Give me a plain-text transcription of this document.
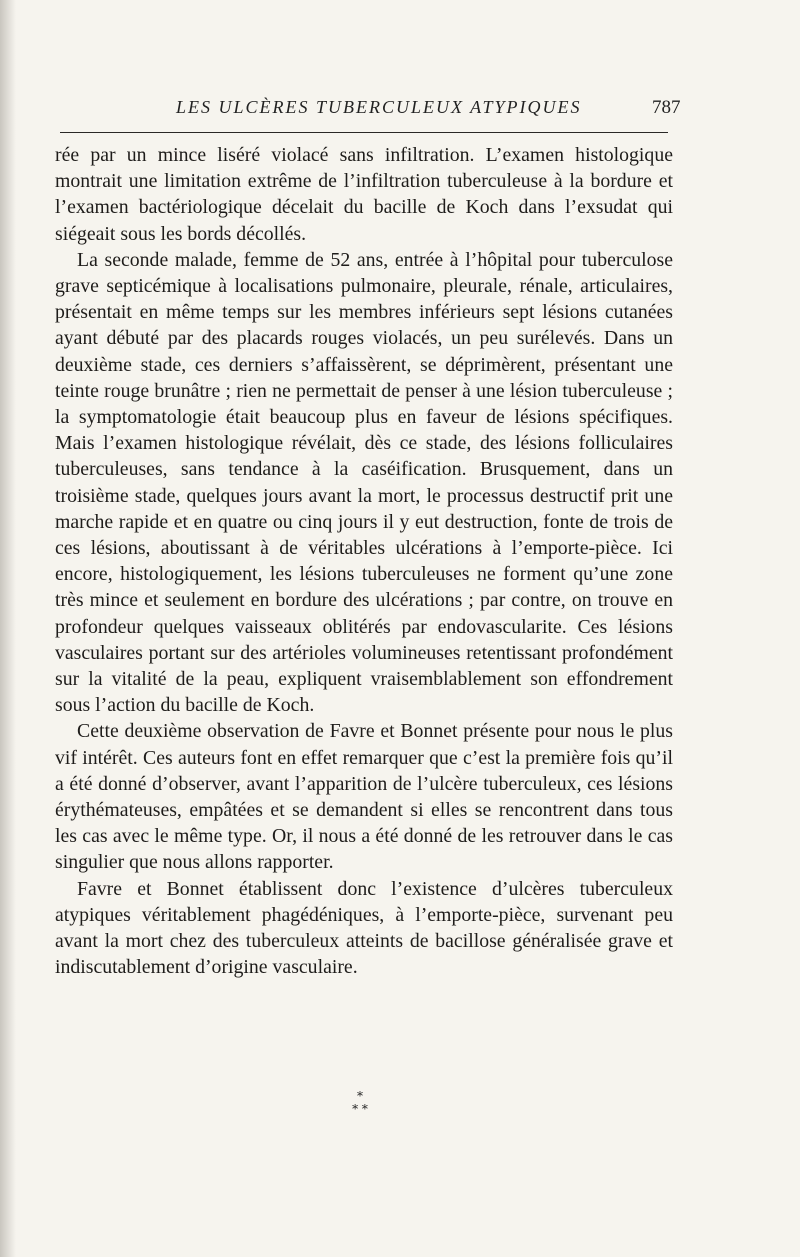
LES ULCÈRES TUBERCULEUX ATYPIQUES	787

rée par un mince liséré violacé sans infiltration. L’examen histologique montrait une limitation extrême de l’infiltration tuberculeuse à la bordure et l’examen bactériologique décelait du bacille de Koch dans l’exsudat qui siégeait sous les bords décollés.

La seconde malade, femme de 52 ans, entrée à l’hôpital pour tuberculose grave septicémique à localisations pulmonaire, pleurale, rénale, articulaires, présentait en même temps sur les membres inférieurs sept lésions cutanées ayant débuté par des placards rouges violacés, un peu surélevés. Dans un deuxième stade, ces derniers s’affaissèrent, se déprimèrent, présentant une teinte rouge brunâtre ; rien ne permettait de penser à une lésion tuberculeuse ; la symptomatologie était beaucoup plus en faveur de lésions spécifiques. Mais l’examen histologique révélait, dès ce stade, des lésions folliculaires tuberculeuses, sans tendance à la caséification. Brusquement, dans un troisième stade, quelques jours avant la mort, le processus destructif prit une marche rapide et en quatre ou cinq jours il y eut destruction, fonte de trois de ces lésions, aboutissant à de véritables ulcérations à l’emporte-pièce. Ici encore, histologiquement, les lésions tuberculeuses ne forment qu’une zone très mince et seulement en bordure des ulcérations ; par contre, on trouve en profondeur quelques vaisseaux oblitérés par endovascularite. Ces lésions vasculaires portant sur des artérioles volumineuses retentissant profondément sur la vitalité de la peau, expliquent vraisemblablement son effondrement sous l’action du bacille de Koch.

Cette deuxième observation de Favre et Bonnet présente pour nous le plus vif intérêt. Ces auteurs font en effet remarquer que c’est la première fois qu’il a été donné d’observer, avant l’apparition de l’ulcère tuberculeux, ces lésions érythémateuses, empâtées et se demandent si elles se rencontrent dans tous les cas avec le même type. Or, il nous a été donné de les retrouver dans le cas singulier que nous allons rapporter.

Favre et Bonnet établissent donc l’existence d’ulcères tuberculeux atypiques véritablement phagédéniques, à l’emporte-pièce, survenant peu avant la mort chez des tuberculeux atteints de bacillose généralisée grave et indiscutablement d’origine vasculaire.

*
* *
